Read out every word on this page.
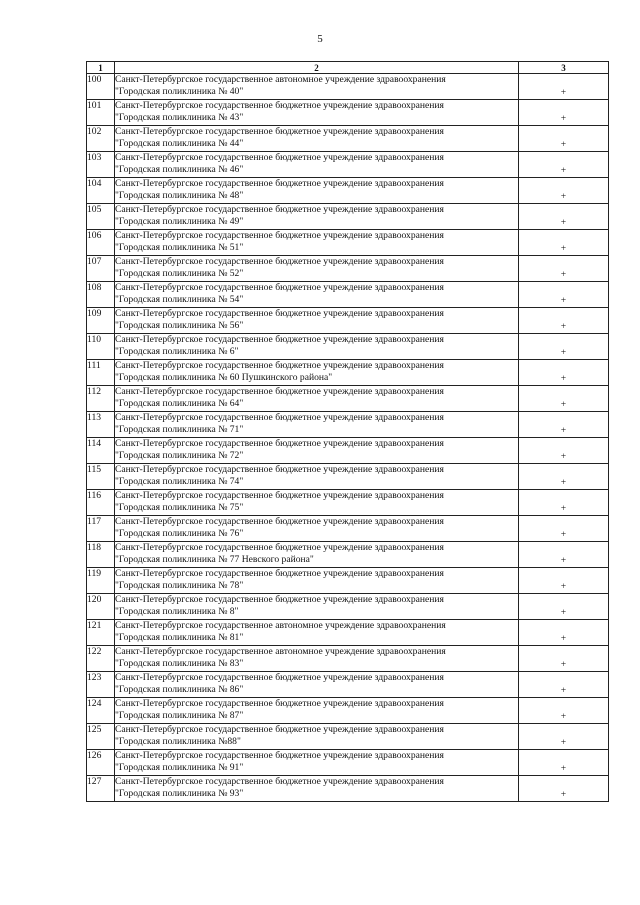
5
1	2	3
100	Санкт-Петербургское государственное автономное учреждение здравоохранения
"Городская поликлиника № 40"	+
101	Санкт-Петербургское государственное бюджетное учреждение здравоохранения
"Городская поликлиника № 43"	+
102	Санкт-Петербургское государственное бюджетное учреждение здравоохранения
"Городская поликлиника № 44"	+
103	Санкт-Петербургское государственное бюджетное учреждение здравоохранения
"Городская поликлиника № 46"	+
104	Санкт-Петербургское государственное бюджетное учреждение здравоохранения
"Городская поликлиника № 48"	+
105	Санкт-Петербургское государственное бюджетное учреждение здравоохранения
"Городская поликлиника № 49"	+
106	Санкт-Петербургское государственное бюджетное учреждение здравоохранения
"Городская поликлиника № 51"	+
107	Санкт-Петербургское государственное бюджетное учреждение здравоохранения
"Городская поликлиника № 52"	+
108	Санкт-Петербургское государственное бюджетное учреждение здравоохранения
"Городская поликлиника № 54"	+
109	Санкт-Петербургское государственное бюджетное учреждение здравоохранения
"Городская поликлиника № 56"	+
110	Санкт-Петербургское государственное бюджетное учреждение здравоохранения
"Городская поликлиника № 6"	+
111	Санкт-Петербургское государственное бюджетное учреждение здравоохранения
"Городская поликлиника № 60 Пушкинского района"	+
112	Санкт-Петербургское государственное бюджетное учреждение здравоохранения
"Городская поликлиника № 64"	+
113	Санкт-Петербургское государственное бюджетное учреждение здравоохранения
"Городская поликлиника № 71"	+
114	Санкт-Петербургское государственное бюджетное учреждение здравоохранения
"Городская поликлиника № 72"	+
115	Санкт-Петербургское государственное бюджетное учреждение здравоохранения
"Городская поликлиника № 74"	+
116	Санкт-Петербургское государственное бюджетное учреждение здравоохранения
"Городская поликлиника № 75"	+
117	Санкт-Петербургское государственное бюджетное учреждение здравоохранения
"Городская поликлиника № 76"	+
118	Санкт-Петербургское государственное бюджетное учреждение здравоохранения
"Городская поликлиника № 77 Невского района"	+
119	Санкт-Петербургское государственное бюджетное учреждение здравоохранения
"Городская поликлиника № 78"	+
120	Санкт-Петербургское государственное бюджетное учреждение здравоохранения
"Городская поликлиника № 8"	+
121	Санкт-Петербургское государственное автономное учреждение здравоохранения
"Городская поликлиника № 81"	+
122	Санкт-Петербургское государственное автономное учреждение здравоохранения
"Городская поликлиника № 83"	+
123	Санкт-Петербургское государственное бюджетное учреждение здравоохранения
"Городская поликлиника № 86"	+
124	Санкт-Петербургское государственное бюджетное учреждение здравоохранения
"Городская поликлиника № 87"	+
125	Санкт-Петербургское государственное бюджетное учреждение здравоохранения
"Городская поликлиника №88"	+
126	Санкт-Петербургское государственное бюджетное учреждение здравоохранения
"Городская поликлиника № 91"	+
127	Санкт-Петербургское государственное бюджетное учреждение здравоохранения
"Городская поликлиника № 93"	+
